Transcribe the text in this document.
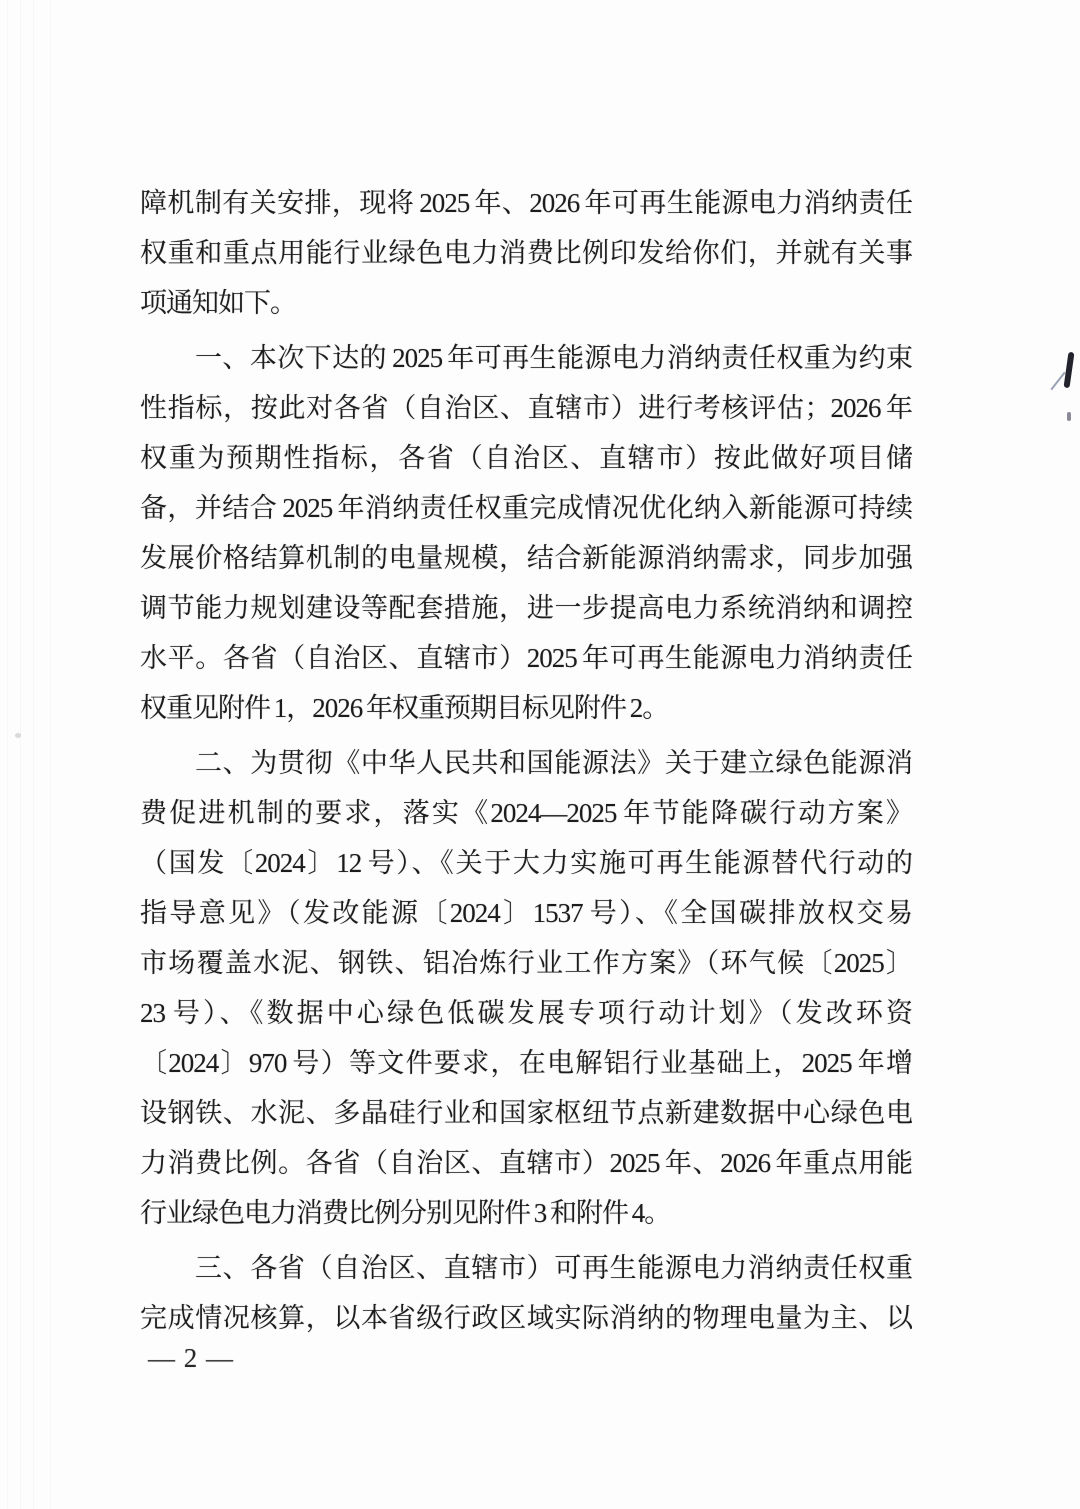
障机制有关安排，现将 2025 年、2026 年可再生能源电力消纳责任
权重和重点用能行业绿色电力消费比例印发给你们，并就有关事
项通知如下。
一、本次下达的 2025 年可再生能源电力消纳责任权重为约束
性指标，按此对各省（自治区、直辖市）进行考核评估；2026 年
权重为预期性指标，各省（自治区、直辖市）按此做好项目储
备，并结合 2025 年消纳责任权重完成情况优化纳入新能源可持续
发展价格结算机制的电量规模，结合新能源消纳需求，同步加强
调节能力规划建设等配套措施，进一步提高电力系统消纳和调控
水平。各省（自治区、直辖市）2025 年可再生能源电力消纳责任
权重见附件 1，2026 年权重预期目标见附件 2。
二、为贯彻《中华人民共和国能源法》关于建立绿色能源消
费促进机制的要求，落实《2024—2025 年节能降碳行动方案》
（国发〔2024〕12 号）、《关于大力实施可再生能源替代行动的
指导意见》（发改能源〔2024〕1537 号）、《全国碳排放权交易
市场覆盖水泥、钢铁、铝冶炼行业工作方案》（环气候〔2025〕
23 号）、《数据中心绿色低碳发展专项行动计划》（发改环资
〔2024〕970 号）等文件要求，在电解铝行业基础上，2025 年增
设钢铁、水泥、多晶硅行业和国家枢纽节点新建数据中心绿色电
力消费比例。各省（自治区、直辖市）2025 年、2026 年重点用能
行业绿色电力消费比例分别见附件 3 和附件 4。
三、各省（自治区、直辖市）可再生能源电力消纳责任权重
完成情况核算，以本省级行政区域实际消纳的物理电量为主、以
— 2 —
